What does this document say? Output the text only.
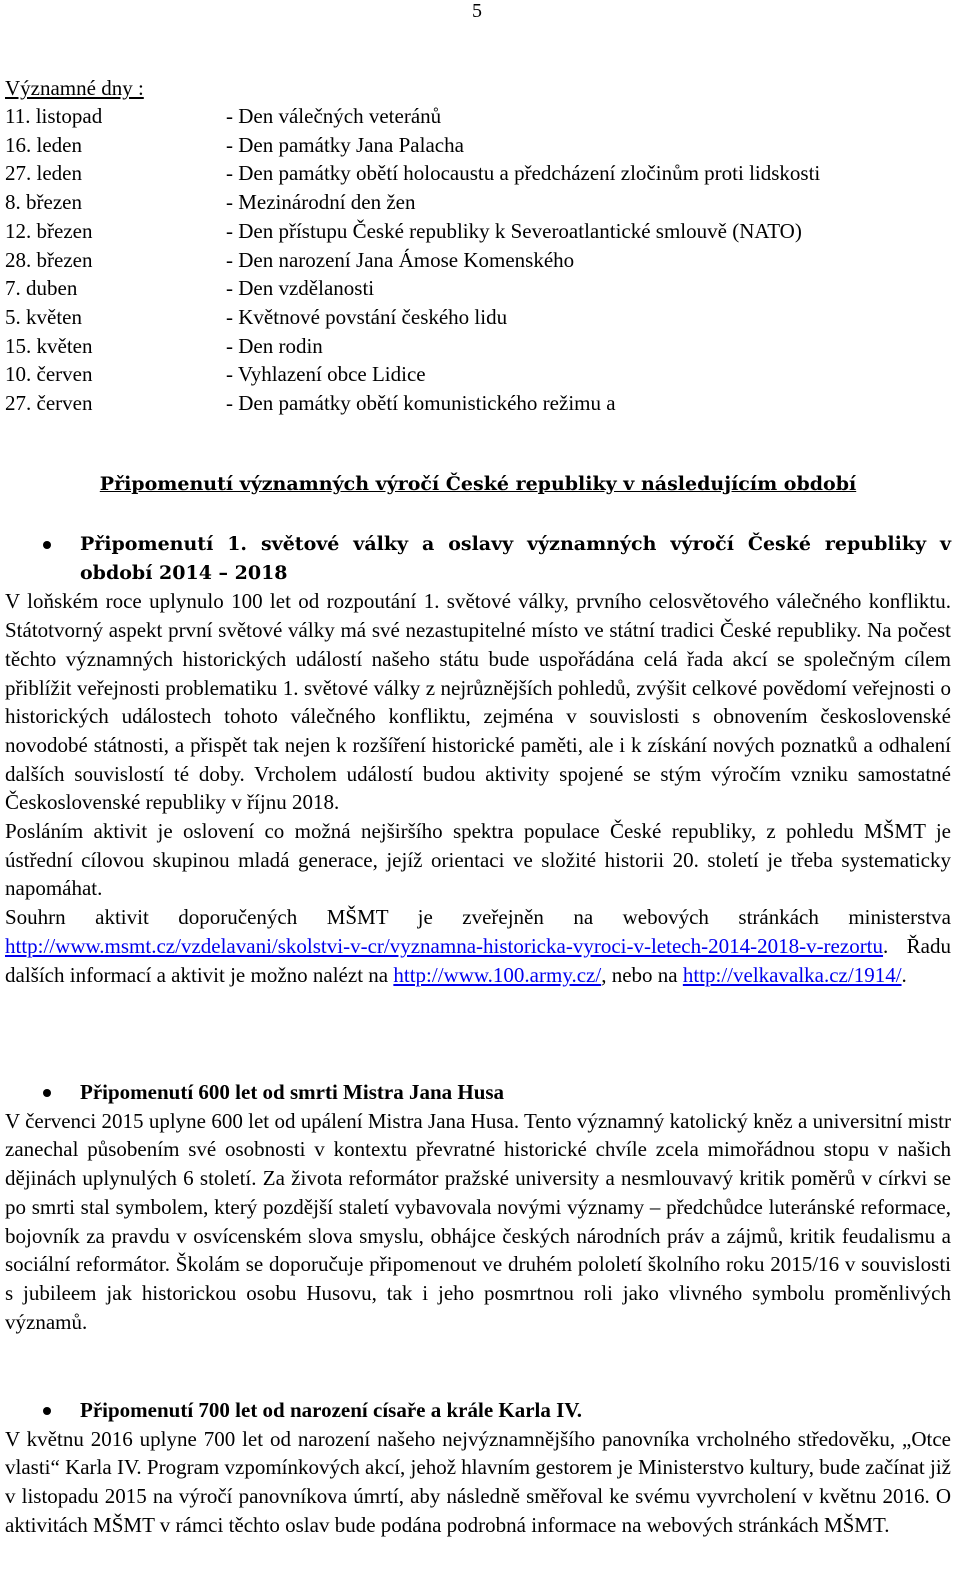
5
Významné dny :
11. listopad	- Den válečných veteránů
16. leden	- Den památky Jana Palacha
27. leden	- Den památky obětí holocaustu a předcházení zločinům proti lidskosti
8. březen	- Mezinárodní den žen
12. březen	- Den přístupu České republiky k Severoatlantické smlouvě (NATO)
28. březen	- Den narození Jana Ámose Komenského
7. duben	- Den vzdělanosti
5. květen	- Květnové povstání českého lidu
15. květen	- Den rodin
10. červen	- Vyhlazení obce Lidice
27. červen	- Den památky obětí komunistického režimu a
Připomenutí významných výročí České republiky v následujícím období
Připomenutí 1. světové války a oslavy významných výročí České republiky v období 2014 – 2018

V loňském roce uplynulo 100 let od rozpoutání 1. světové války, prvního celosvětového válečného konfliktu. Státotvorný aspekt první světové války má své nezastupitelné místo ve státní tradici České republiky. Na počest těchto významných historických událostí našeho státu bude uspořádána celá řada akcí se společným cílem přiblížit veřejnosti problematiku 1. světové války z nejrůznějších pohledů, zvýšit celkové povědomí veřejnosti o historických událostech tohoto válečného konfliktu, zejména v souvislosti s obnovením československé novodobé státnosti, a přispět tak nejen k rozšíření historické paměti, ale i k získání nových poznatků a odhalení dalších souvislostí té doby. Vrcholem událostí budou aktivity spojené se stým výročím vzniku samostatné Československé republiky v říjnu 2018.

Posláním aktivit je oslovení co možná nejširšího spektra populace České republiky, z pohledu MŠMT je ústřední cílovou skupinou mladá generace, jejíž orientaci ve složité historii 20. století je třeba systematicky napomáhat.

Souhrn aktivit doporučených MŠMT je zveřejněn na webových stránkách ministerstva http://www.msmt.cz/vzdelavani/skolstvi-v-cr/vyznamna-historicka-vyroci-v-letech-2014-2018-v-rezortu. Řadu dalších informací a aktivit je možno nalézt na http://www.100.army.cz/, nebo na http://velkavalka.cz/1914/.

Připomenutí 600 let od smrti Mistra Jana Husa

V červenci 2015 uplyne 600 let od upálení Mistra Jana Husa. Tento významný katolický kněz a universitní mistr zanechal působením své osobnosti v kontextu převratné historické chvíle zcela mimořádnou stopu v našich dějinách uplynulých 6 století. Za života reformátor pražské university a nesmlouvavý kritik poměrů v církvi se po smrti stal symbolem, který pozdější staletí vybavovala novými významy – předchůdce luteránské reformace, bojovník za pravdu v osvícenském slova smyslu, obhájce českých národních práv a zájmů, kritik feudalismu a sociální reformátor. Školám se doporučuje připomenout ve druhém pololetí školního roku 2015/16 v souvislosti s jubileem jak historickou osobu Husovu, tak i jeho posmrtnou roli jako vlivného symbolu proměnlivých významů.

Připomenutí 700 let od narození císaře a krále Karla IV.

V květnu 2016 uplyne 700 let od narození našeho nejvýznamnějšího panovníka vrcholného středověku, „Otce vlasti“ Karla IV. Program vzpomínkových akcí, jehož hlavním gestorem je Ministerstvo kultury, bude začínat již v listopadu 2015 na výročí panovníkova úmrtí, aby následně směřoval ke svému vyvrcholení v květnu 2016. O aktivitách MŠMT v rámci těchto oslav bude podána podrobná informace na webových stránkách MŠMT.
